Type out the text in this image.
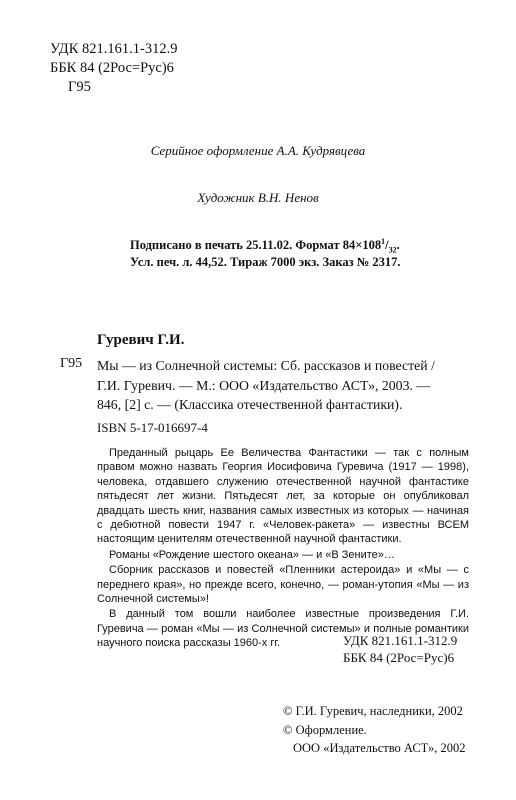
УДК 821.161.1-312.9
ББК 84 (2Рос=Рус)6
Г95
Серийное оформление А.А. Кудрявцева
Художник В.Н. Ненов
Подписано в печать 25.11.02. Формат $84\times 108^1/_{32}$.
Усл. печ. л. 44,52. Тираж 7000 экз. Заказ № 2317.
Гуревич Г.И.
Г95 Мы — из Солнечной системы: Сб. рассказов и повестей /
Г.И. Гуревич. — М.: ООО «Издательство АСТ», 2003. —
846, [2] с. — (Классика отечественной фантастики).
ISBN 5-17-016697-4

Преданный рыцарь Ее Величества Фантастики — так с полным правом можно назвать Георгия Иосифовича Гуревича (1917 — 1998), человека, отдавшего служению отечественной научной фантастике пятьдесят лет жизни. Пятьдесят лет, за которые он опубликовал двадцать шесть книг, названия самых известных из которых — начиная с дебютной повести 1947 г. «Человек-ракета» — известны ВСЕМ настоящим ценителям отечественной научной фантастики.

Романы «Рождение шестого океана» — и «В Зените»…

Сборник рассказов и повестей «Пленники астероида» и «Мы — с переднего края», но прежде всего, конечно, — роман-утопия «Мы — из Солнечной системы»!

В данный том вошли наиболее известные произведения Г.И. Гуревича — роман «Мы — из Солнечной системы» и полные романтики научного поиска рассказы 1960-х гг.	УДК 821.161.1-312.9
ББК 84 (2Рос=Рус)6
© Г.И. Гуревич, наследники, 2002
© Оформление.
ООО «Издательство АСТ», 2002
